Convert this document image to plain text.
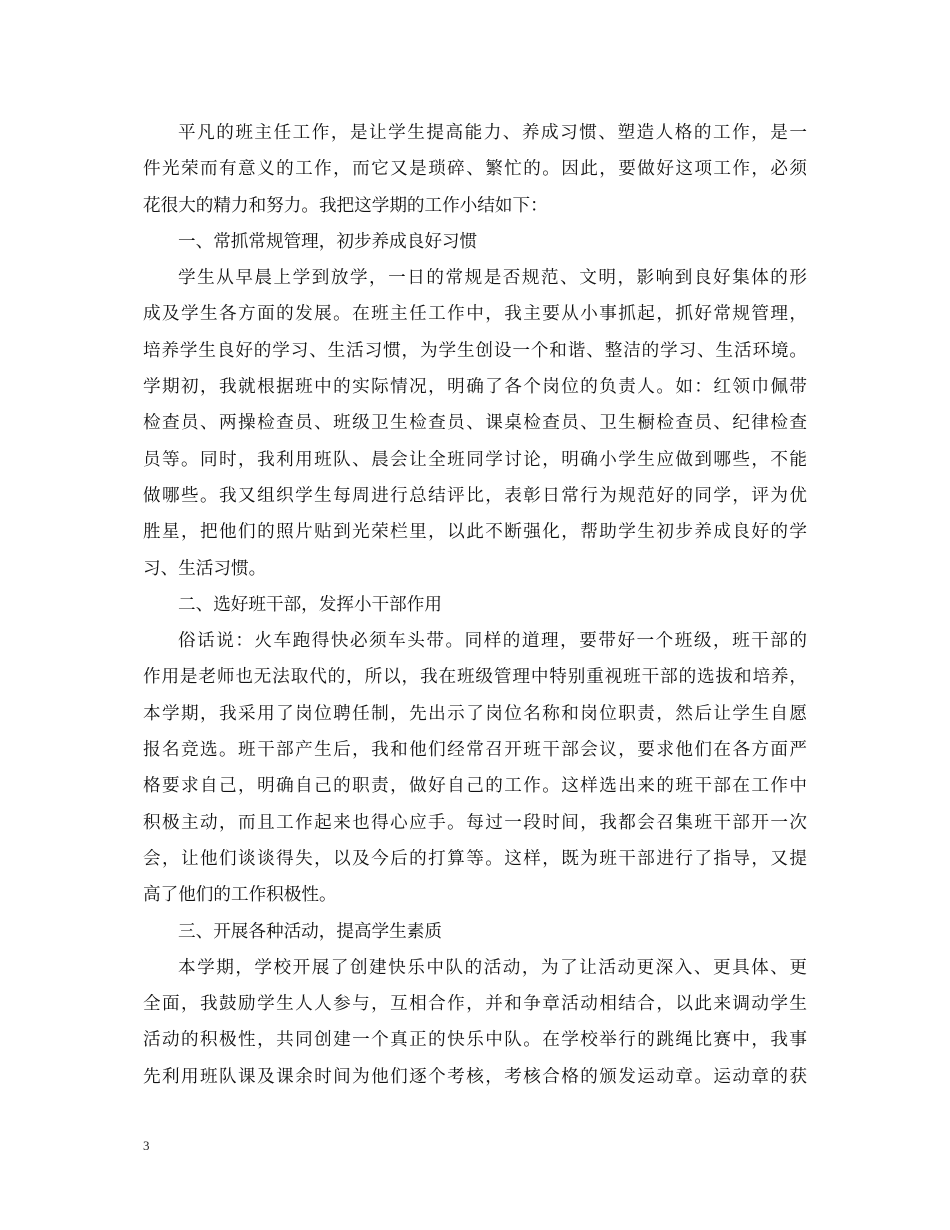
平凡的班主任工作，是让学生提高能力、养成习惯、塑造人格的工作，是一
件光荣而有意义的工作，而它又是琐碎、繁忙的。因此，要做好这项工作，必须
花很大的精力和努力。我把这学期的工作小结如下：
一、常抓常规管理，初步养成良好习惯
学生从早晨上学到放学，一日的常规是否规范、文明，影响到良好集体的形
成及学生各方面的发展。在班主任工作中，我主要从小事抓起，抓好常规管理，
培养学生良好的学习、生活习惯，为学生创设一个和谐、整洁的学习、生活环境。
学期初，我就根据班中的实际情况，明确了各个岗位的负责人。如：红领巾佩带
检查员、两操检查员、班级卫生检查员、课桌检查员、卫生橱检查员、纪律检查
员等。同时，我利用班队、晨会让全班同学讨论，明确小学生应做到哪些，不能
做哪些。我又组织学生每周进行总结评比，表彰日常行为规范好的同学，评为优
胜星，把他们的照片贴到光荣栏里，以此不断强化，帮助学生初步养成良好的学
习、生活习惯。
二、选好班干部，发挥小干部作用
俗话说：火车跑得快必须车头带。同样的道理，要带好一个班级，班干部的
作用是老师也无法取代的，所以，我在班级管理中特别重视班干部的选拔和培养，
本学期，我采用了岗位聘任制，先出示了岗位名称和岗位职责，然后让学生自愿
报名竞选。班干部产生后，我和他们经常召开班干部会议，要求他们在各方面严
格要求自己，明确自己的职责，做好自己的工作。这样选出来的班干部在工作中
积极主动，而且工作起来也得心应手。每过一段时间，我都会召集班干部开一次
会，让他们谈谈得失，以及今后的打算等。这样，既为班干部进行了指导，又提
高了他们的工作积极性。
三、开展各种活动，提高学生素质
本学期，学校开展了创建快乐中队的活动，为了让活动更深入、更具体、更
全面，我鼓励学生人人参与，互相合作，并和争章活动相结合，以此来调动学生
活动的积极性，共同创建一个真正的快乐中队。在学校举行的跳绳比赛中，我事
先利用班队课及课余时间为他们逐个考核，考核合格的颁发运动章。运动章的获
3
